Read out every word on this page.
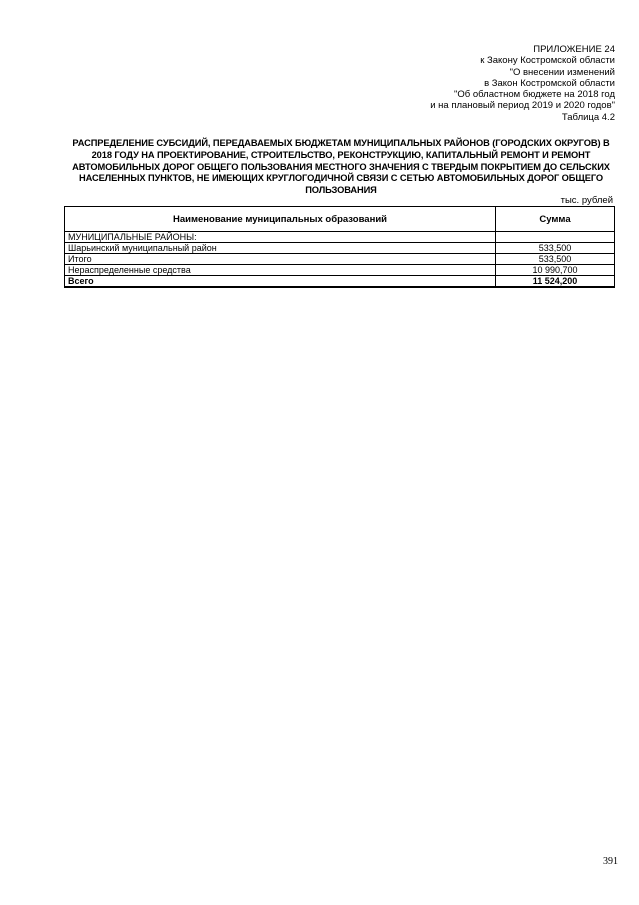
ПРИЛОЖЕНИЕ 24
к Закону Костромской области
"О внесении изменений
в Закон Костромской области
"Об областном бюджете на 2018 год
и на плановый период 2019 и 2020 годов"
Таблица 4.2
РАСПРЕДЕЛЕНИЕ СУБСИДИЙ, ПЕРЕДАВАЕМЫХ БЮДЖЕТАМ МУНИЦИПАЛЬНЫХ РАЙОНОВ (ГОРОДСКИХ ОКРУГОВ) В 2018 ГОДУ НА ПРОЕКТИРОВАНИЕ, СТРОИТЕЛЬСТВО, РЕКОНСТРУКЦИЮ, КАПИТАЛЬНЫЙ РЕМОНТ И РЕМОНТ АВТОМОБИЛЬНЫХ ДОРОГ ОБЩЕГО ПОЛЬЗОВАНИЯ МЕСТНОГО ЗНАЧЕНИЯ С ТВЕРДЫМ ПОКРЫТИЕМ ДО СЕЛЬСКИХ НАСЕЛЕННЫХ ПУНКТОВ, НЕ ИМЕЮЩИХ КРУГЛОГОДИЧНОЙ СВЯЗИ С СЕТЬЮ АВТОМОБИЛЬНЫХ ДОРОГ ОБЩЕГО ПОЛЬЗОВАНИЯ
тыс. рублей
Наименование муниципальных образований	Сумма
МУНИЦИПАЛЬНЫЕ РАЙОНЫ:	
Шарьинский муниципальный район	533,500
Итого	533,500
Нераспределенные средства	10 990,700
Всего	11 524,200
391
